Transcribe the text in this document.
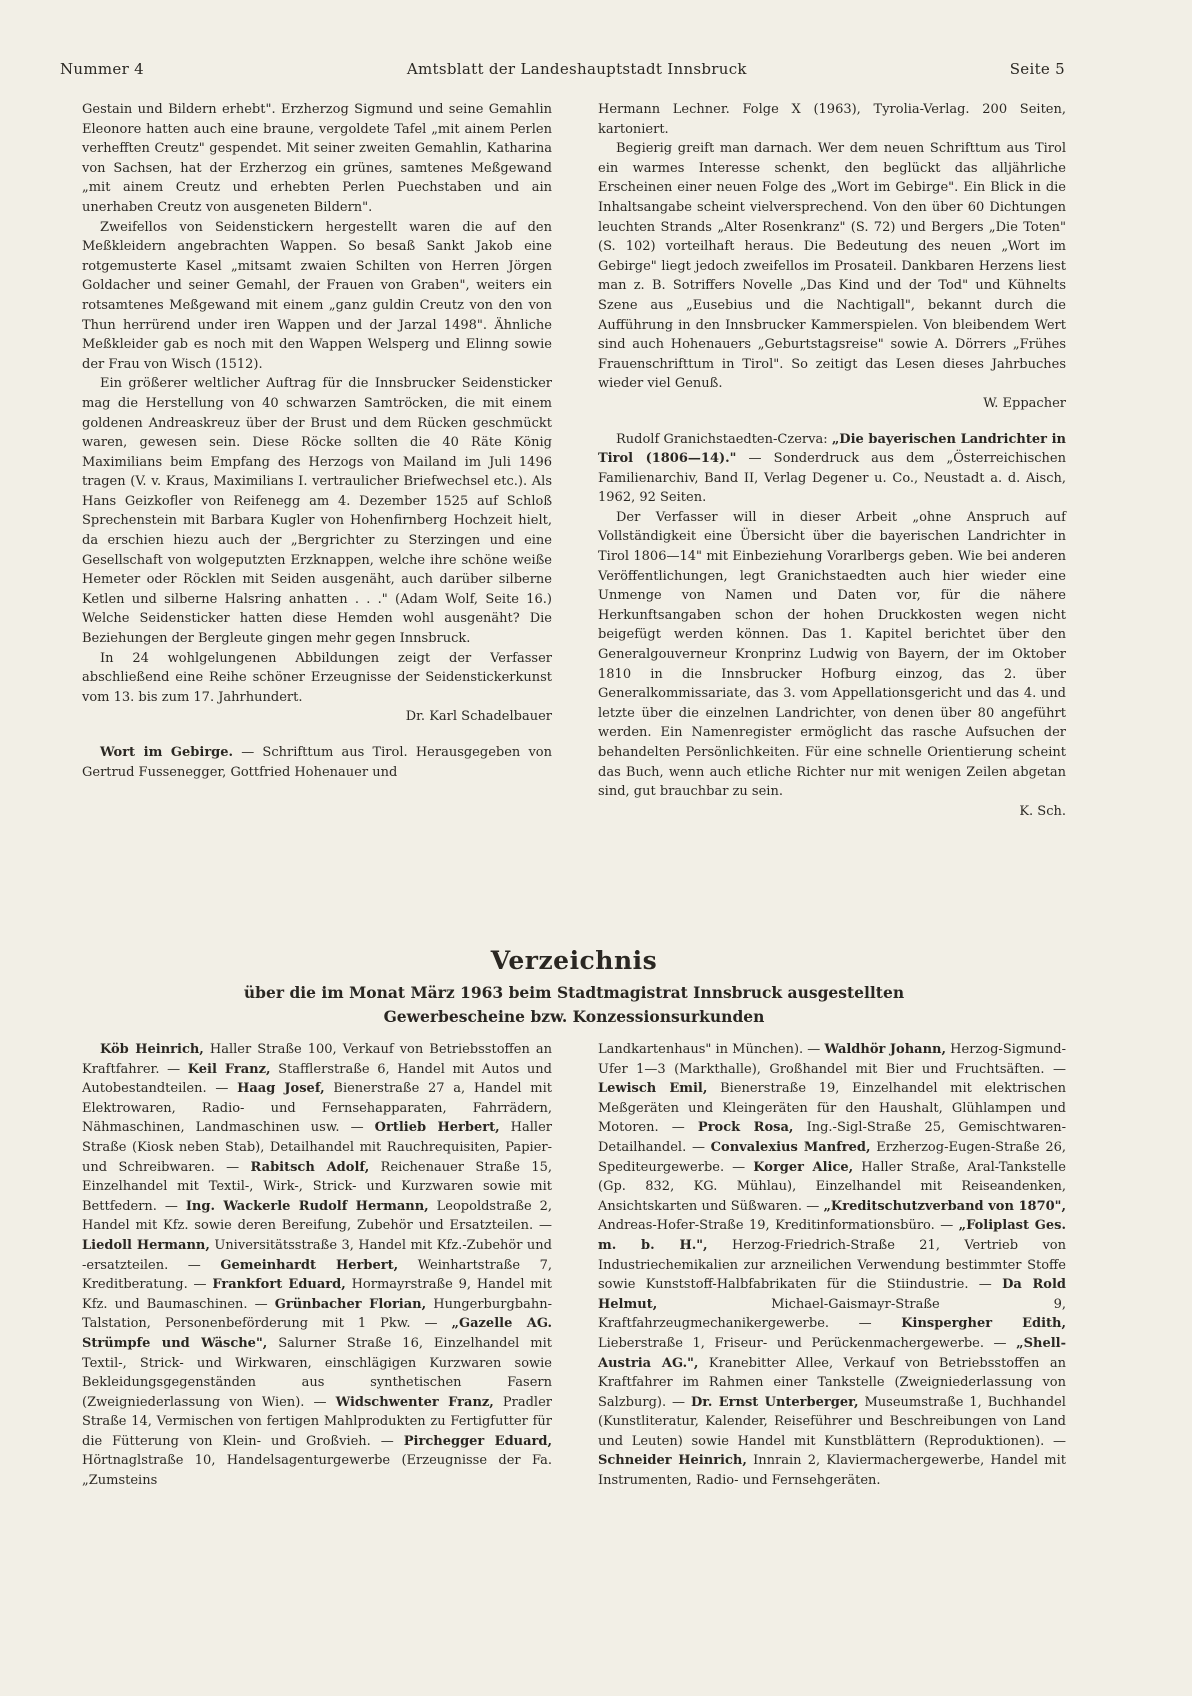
Nummer 4	Amtsblatt der Landeshauptstadt Innsbruck	Seite 5

Gestain und Bildern erhebt". Erzherzog Sigmund und seine Gemahlin Eleonore hatten auch eine braune, vergoldete Tafel „mit ainem Perlen verhefften Creutz" gespendet. Mit seiner zweiten Gemahlin, Katharina von Sachsen, hat der Erzherzog ein grünes, samtenes Meßgewand „mit ainem Creutz und erhebten Perlen Puechstaben und ain unerhaben Creutz von ausgeneten Bildern".

Zweifellos von Seidenstickern hergestellt waren die auf den Meßkleidern angebrachten Wappen. So besaß Sankt Jakob eine rotgemusterte Kasel „mitsamt zwaien Schilten von Herren Jörgen Goldacher und seiner Gemahl, der Frauen von Graben", weiters ein rotsamtenes Meßgewand mit einem „ganz guldin Creutz von den von Thun herrürend under iren Wappen und der Jarzal 1498". Ähnliche Meßkleider gab es noch mit den Wappen Welsperg und Elinng sowie der Frau von Wisch (1512).

Ein größerer weltlicher Auftrag für die Innsbrucker Seidensticker mag die Herstellung von 40 schwarzen Samtröcken, die mit einem goldenen Andreaskreuz über der Brust und dem Rücken geschmückt waren, gewesen sein. Diese Röcke sollten die 40 Räte König Maximilians beim Empfang des Herzogs von Mailand im Juli 1496 tragen (V. v. Kraus, Maximilians I. vertraulicher Briefwechsel etc.). Als Hans Geizkofler von Reifenegg am 4. Dezember 1525 auf Schloß Sprechenstein mit Barbara Kugler von Hohenfirnberg Hochzeit hielt, da erschien hiezu auch der „Bergrichter zu Sterzingen und eine Gesellschaft von wolgeputzten Erzknappen, welche ihre schöne weiße Hemeter oder Röcklen mit Seiden ausgenäht, auch darüber silberne Ketlen und silberne Halsring anhatten . . ." (Adam Wolf, Seite 16.) Welche Seidensticker hatten diese Hemden wohl ausgenäht? Die Beziehungen der Bergleute gingen mehr gegen Innsbruck.

In 24 wohlgelungenen Abbildungen zeigt der Verfasser abschließend eine Reihe schöner Erzeugnisse der Seidenstickerkunst vom 13. bis zum 17. Jahrhundert.

Dr. Karl Schadelbauer

Wort im Gebirge. — Schrifttum aus Tirol. Herausgegeben von Gertrud Fussenegger, Gottfried Hohenauer und

Hermann Lechner. Folge X (1963), Tyrolia-Verlag. 200 Seiten, kartoniert.

Begierig greift man darnach. Wer dem neuen Schrifttum aus Tirol ein warmes Interesse schenkt, den beglückt das alljährliche Erscheinen einer neuen Folge des „Wort im Gebirge". Ein Blick in die Inhaltsangabe scheint vielversprechend. Von den über 60 Dichtungen leuchten Strands „Alter Rosenkranz" (S. 72) und Bergers „Die Toten" (S. 102) vorteilhaft heraus. Die Bedeutung des neuen „Wort im Gebirge" liegt jedoch zweifellos im Prosateil. Dankbaren Herzens liest man z. B. Sotriffers Novelle „Das Kind und der Tod" und Kühnelts Szene aus „Eusebius und die Nachtigall", bekannt durch die Aufführung in den Innsbrucker Kammerspielen. Von bleibendem Wert sind auch Hohenauers „Geburtstagsreise" sowie A. Dörrers „Frühes Frauenschrifttum in Tirol". So zeitigt das Lesen dieses Jahrbuches wieder viel Genuß.

W. Eppacher

Rudolf Granichstaedten-Czerva: „Die bayerischen Landrichter in Tirol (1806—14)." — Sonderdruck aus dem „Österreichischen Familienarchiv, Band II, Verlag Degener u. Co., Neustadt a. d. Aisch, 1962, 92 Seiten.

Der Verfasser will in dieser Arbeit „ohne Anspruch auf Vollständigkeit eine Übersicht über die bayerischen Landrichter in Tirol 1806—14" mit Einbeziehung Vorarlbergs geben. Wie bei anderen Veröffentlichungen, legt Granichstaedten auch hier wieder eine Unmenge von Namen und Daten vor, für die nähere Herkunftsangaben schon der hohen Druckkosten wegen nicht beigefügt werden können. Das 1. Kapitel berichtet über den Generalgouverneur Kronprinz Ludwig von Bayern, der im Oktober 1810 in die Innsbrucker Hofburg einzog, das 2. über Generalkommissariate, das 3. vom Appellationsgericht und das 4. und letzte über die einzelnen Landrichter, von denen über 80 angeführt werden. Ein Namenregister ermöglicht das rasche Aufsuchen der behandelten Persönlichkeiten. Für eine schnelle Orientierung scheint das Buch, wenn auch etliche Richter nur mit wenigen Zeilen abgetan sind, gut brauchbar zu sein.

K. Sch.

Verzeichnis
über die im Monat März 1963 beim Stadtmagistrat Innsbruck ausgestellten
Gewerbescheine bzw. Konzessionsurkunden

Köb Heinrich, Haller Straße 100, Verkauf von Betriebsstoffen an Kraftfahrer. — Keil Franz, Stafflerstraße 6, Handel mit Autos und Autobestandteilen. — Haag Josef, Bienerstraße 27 a, Handel mit Elektrowaren, Radio- und Fernsehapparaten, Fahrrädern, Nähmaschinen, Landmaschinen usw. — Ortlieb Herbert, Haller Straße (Kiosk neben Stab), Detailhandel mit Rauchrequisiten, Papier- und Schreibwaren. — Rabitsch Adolf, Reichenauer Straße 15, Einzelhandel mit Textil-, Wirk-, Strick- und Kurzwaren sowie mit Bettfedern. — Ing. Wackerle Rudolf Hermann, Leopoldstraße 2, Handel mit Kfz. sowie deren Bereifung, Zubehör und Ersatzteilen. — Liedoll Hermann, Universitätsstraße 3, Handel mit Kfz.-Zubehör und -ersatzteilen. — Gemeinhardt Herbert, Weinhartstraße 7, Kreditberatung. — Frankfort Eduard, Hormayrstraße 9, Handel mit Kfz. und Baumaschinen. — Grünbacher Florian, Hungerburgbahn-Talstation, Personenbeförderung mit 1 Pkw. — „Gazelle AG. Strümpfe und Wäsche", Salurner Straße 16, Einzelhandel mit Textil-, Strick- und Wirkwaren, einschlägigen Kurzwaren sowie Bekleidungsgegenständen aus synthetischen Fasern (Zweigniederlassung von Wien). — Widschwenter Franz, Pradler Straße 14, Vermischen von fertigen Mahlprodukten zu Fertigfutter für die Fütterung von Klein- und Großvieh. — Pirchegger Eduard, Hörtnaglstraße 10, Handelsagenturgewerbe (Erzeugnisse der Fa. „Zumsteins

Landkartenhaus" in München). — Waldhör Johann, Herzog-Sigmund-Ufer 1—3 (Markthalle), Großhandel mit Bier und Fruchtsäften. — Lewisch Emil, Bienerstraße 19, Einzelhandel mit elektrischen Meßgeräten und Kleingeräten für den Haushalt, Glühlampen und Motoren. — Prock Rosa, Ing.-Sigl-Straße 25, Gemischtwaren-Detailhandel. — Convalexius Manfred, Erzherzog-Eugen-Straße 26, Spediteurgewerbe. — Korger Alice, Haller Straße, Aral-Tankstelle (Gp. 832, KG. Mühlau), Einzelhandel mit Reiseandenken, Ansichtskarten und Süßwaren. — „Kreditschutzverband von 1870", Andreas-Hofer-Straße 19, Kreditinformationsbüro. — „Foliplast Ges. m. b. H.", Herzog-Friedrich-Straße 21, Vertrieb von Industriechemikalien zur arzneilichen Verwendung bestimmter Stoffe sowie Kunststoff-Halbfabrikaten für die Stiindustrie. — Da Rold Helmut, Michael-Gaismayr-Straße 9, Kraftfahrzeugmechanikergewerbe. — Kinspergher Edith, Lieberstraße 1, Friseur- und Perückenmachergewerbe. — „Shell-Austria AG.", Kranebitter Allee, Verkauf von Betriebsstoffen an Kraftfahrer im Rahmen einer Tankstelle (Zweigniederlassung von Salzburg). — Dr. Ernst Unterberger, Museumstraße 1, Buchhandel (Kunstliteratur, Kalender, Reiseführer und Beschreibungen von Land und Leuten) sowie Handel mit Kunstblättern (Reproduktionen). — Schneider Heinrich, Innrain 2, Klaviermachergewerbe, Handel mit Instrumenten, Radio- und Fernsehgeräten.
